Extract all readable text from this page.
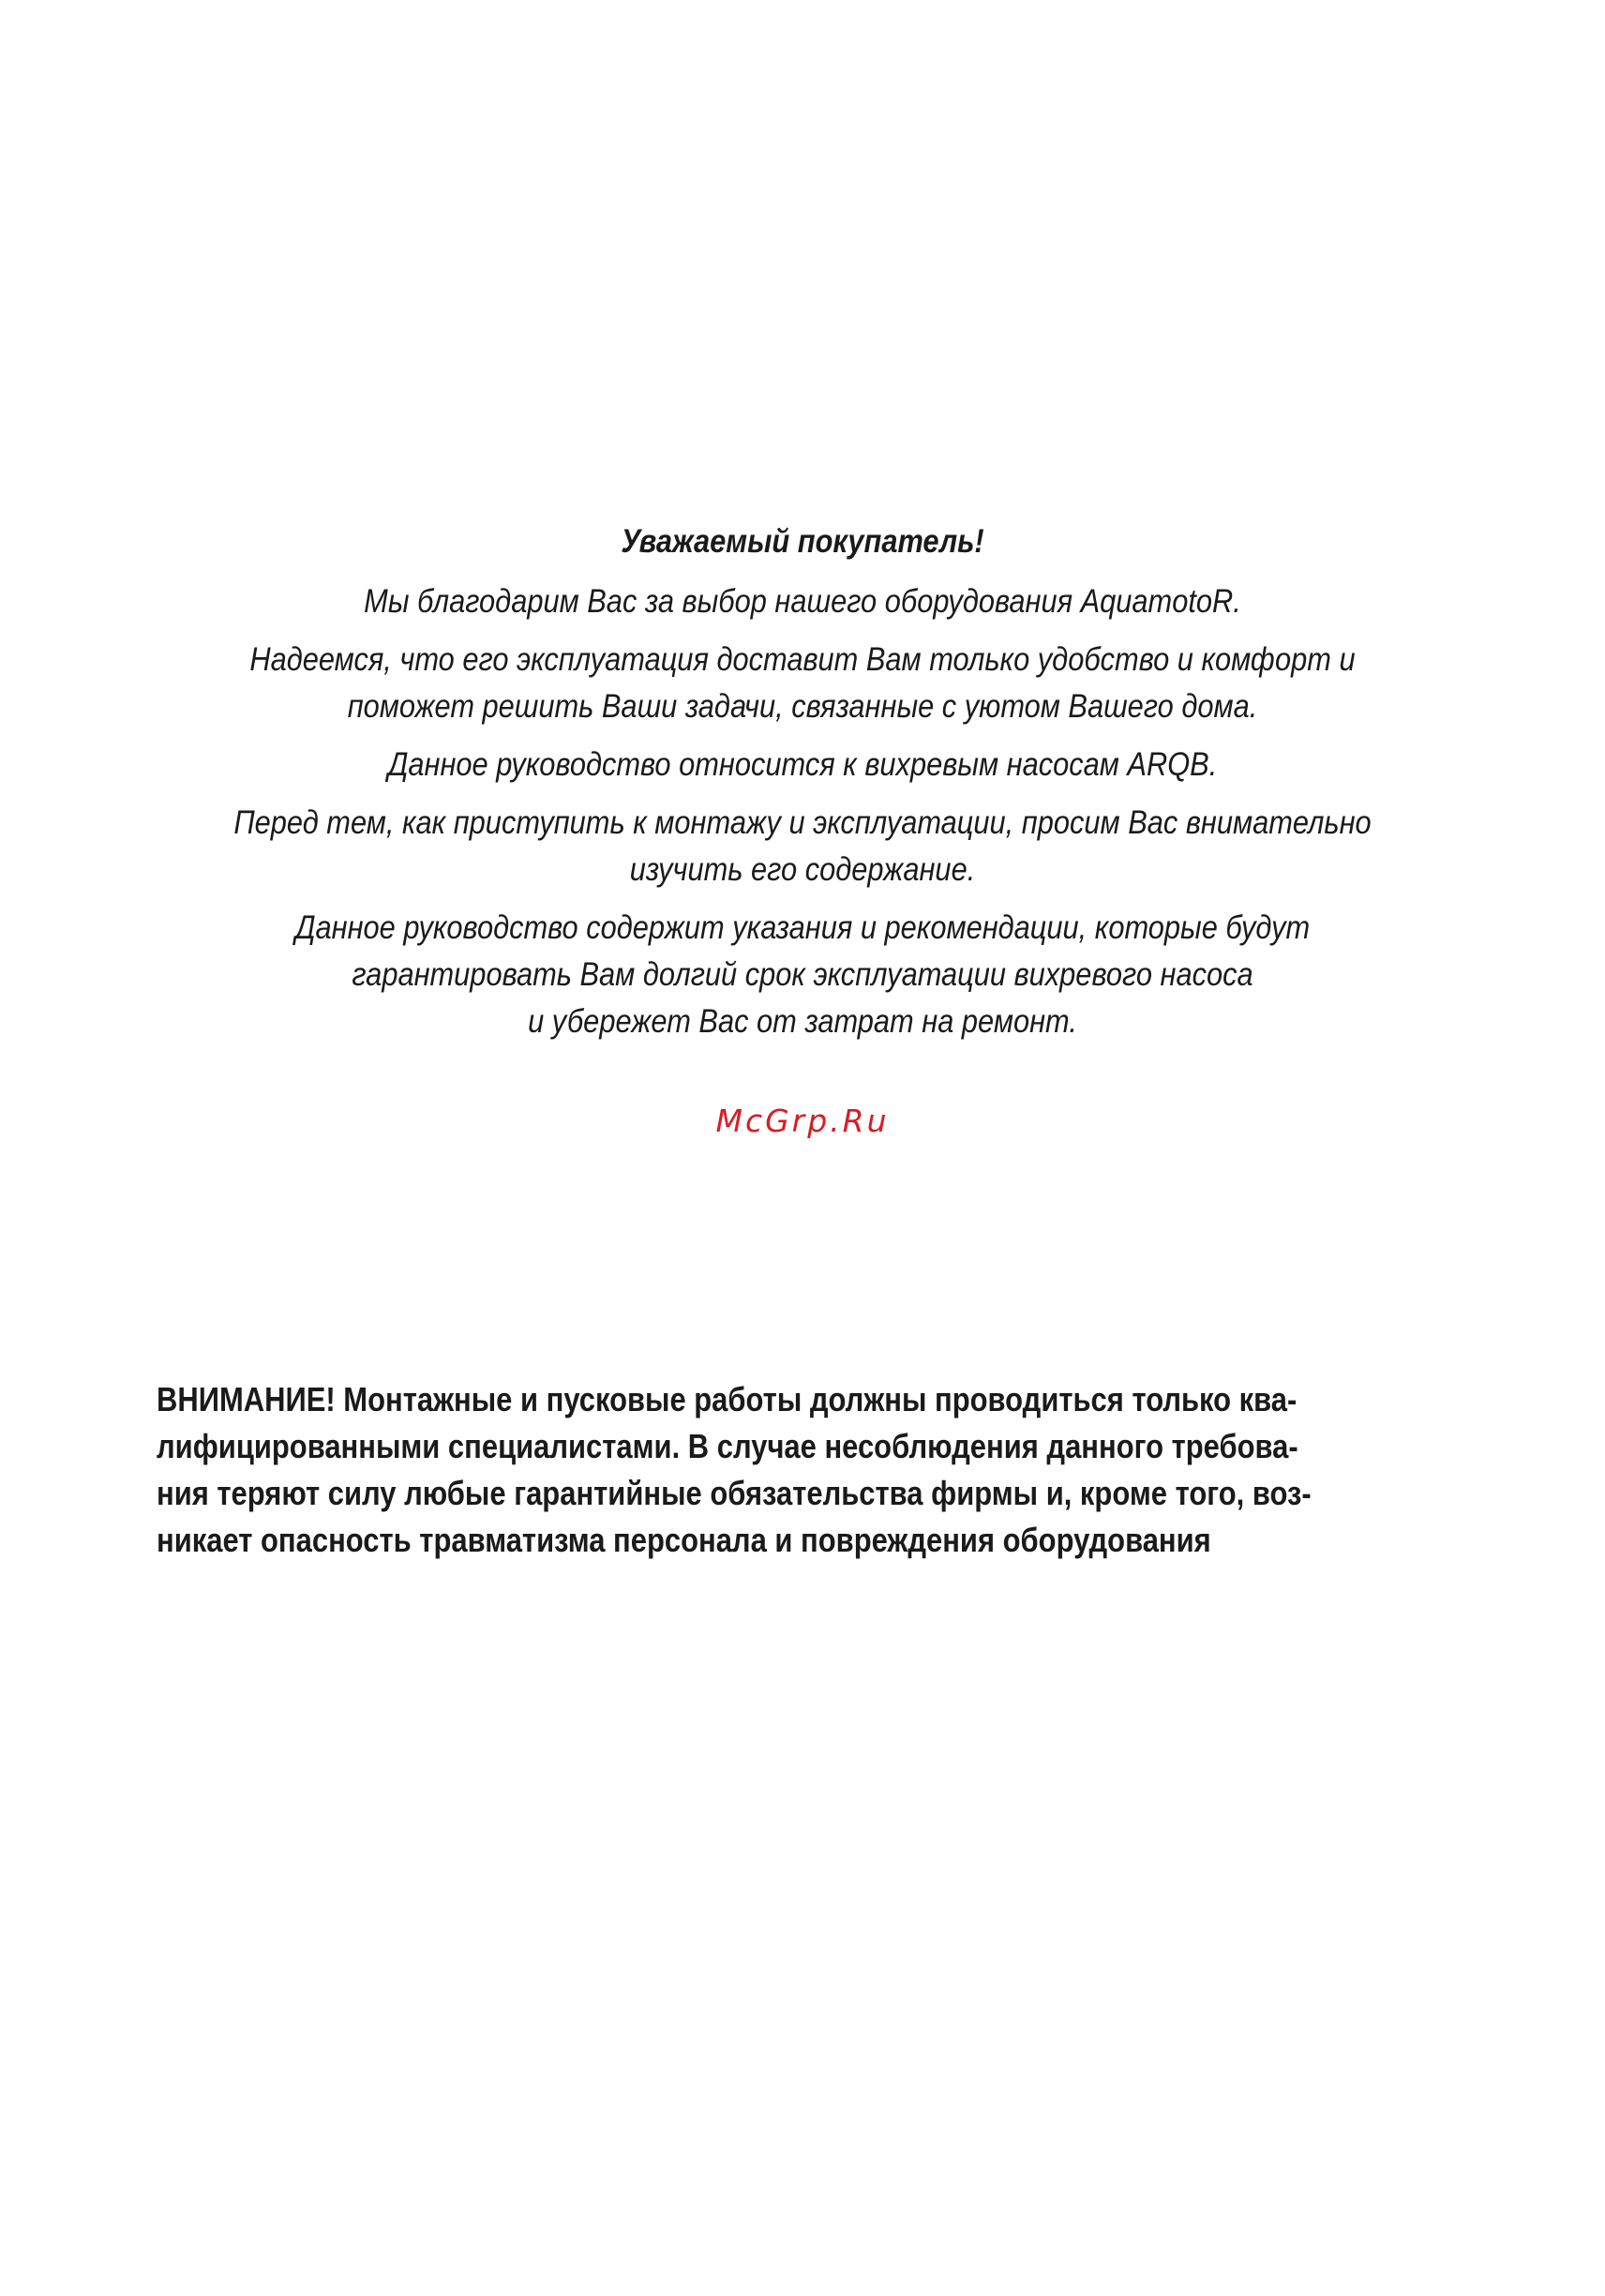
Уважаемый покупатель!
Мы благодарим Вас за выбор нашего оборудования AquamotoR.
Надеемся, что его эксплуатация доставит Вам только удобство и комфорт и
поможет решить Ваши задачи, связанные с уютом Вашего дома.
Данное руководство относится к вихревым насосам ARQB.
Перед тем, как приступить к монтажу и эксплуатации, просим Вас внимательно
изучить его содержание.
Данное руководство содержит указания и рекомендации, которые будут
гарантировать Вам долгий срок эксплуатации вихревого насоса
и убережет Вас от затрат на ремонт.
McGrp.Ru
ВНИМАНИЕ! Монтажные и пусковые работы должны проводиться только ква-
лифицированными специалистами. В случае несоблюдения данного требова-
ния теряют силу любые гарантийные обязательства фирмы и, кроме того, воз-
никает опасность травматизма персонала и повреждения оборудования
